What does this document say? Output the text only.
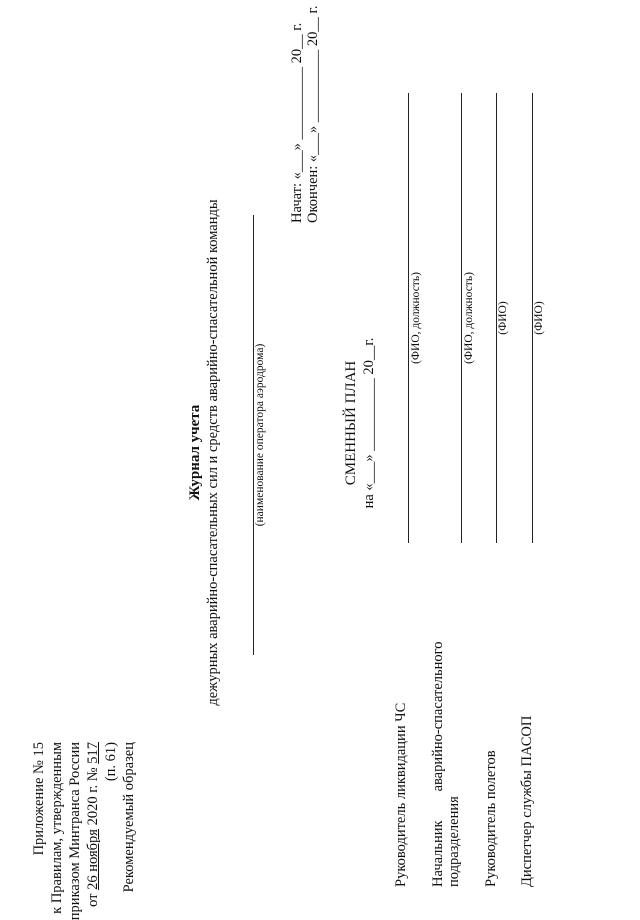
Приложение № 15 к Правилам, утвержденным приказом Минтранса России от 26 ноября 2020 г. № 517 (п. 61) Рекомендуемый образец
Журнал учета дежурных аварийно-спасательных сил и средств аварийно-спасательной команды	(наименование оператора аэродрома)
Начат: «___» __________ 20__ г. Окончен: «___» __________ 20__ г.
СМЕННЫЙ ПЛАН на «___» __________ 20__г.
Руководитель ликвидации ЧС
(ФИО, должность)
Начальник        аварийно-спасательного подразделения
(ФИО, должность)
Руководитель полетов
(ФИО)
Диспетчер службы ПАСОП
(ФИО)
